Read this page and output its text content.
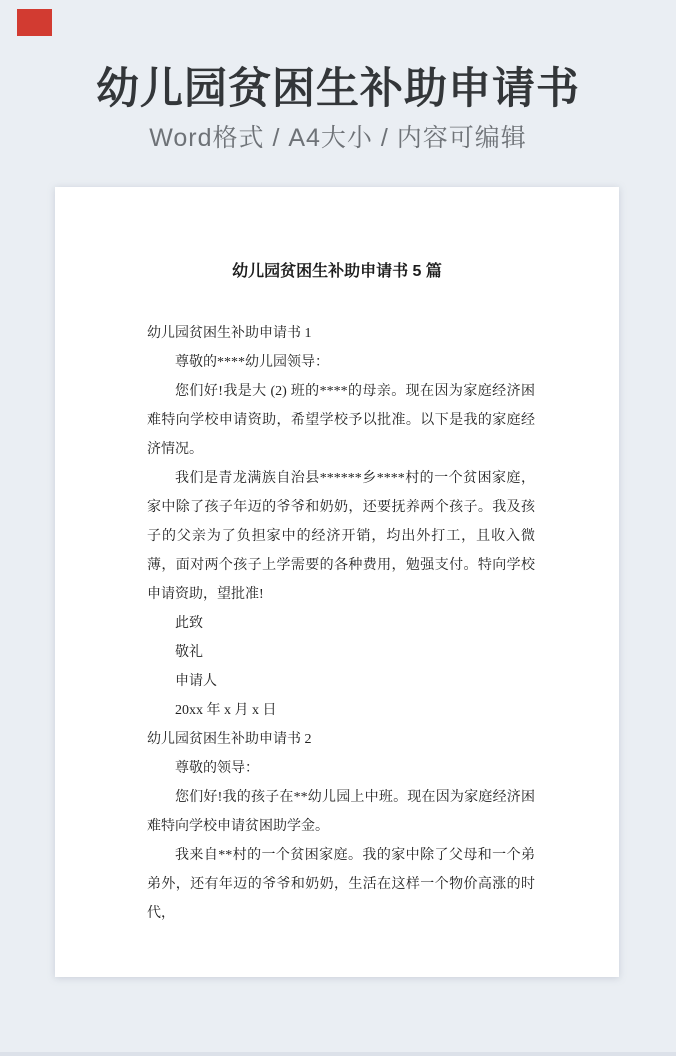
幼儿园贫困生补助申请书
Word格式 / A4大小 / 内容可编辑
幼儿园贫困生补助申请书 5 篇

幼儿园贫困生补助申请书 1

尊敬的****幼儿园领导：

您们好!我是大 (2) 班的****的母亲。现在因为家庭经济困难特向学校申请资助，希望学校予以批准。以下是我的家庭经济情况。

我们是青龙满族自治县******乡****村的一个贫困家庭，家中除了孩子年迈的爷爷和奶奶，还要抚养两个孩子。我及孩子的父亲为了负担家中的经济开销，均出外打工，且收入微薄，面对两个孩子上学需要的各种费用，勉强支付。特向学校申请资助，望批准!

此致

敬礼

申请人

20xx 年 x 月 x 日

幼儿园贫困生补助申请书 2

尊敬的领导：

您们好!我的孩子在**幼儿园上中班。现在因为家庭经济困难特向学校申请贫困助学金。

我来自**村的一个贫困家庭。我的家中除了父母和一个弟弟外，还有年迈的爷爷和奶奶，生活在这样一个物价高涨的时代，
